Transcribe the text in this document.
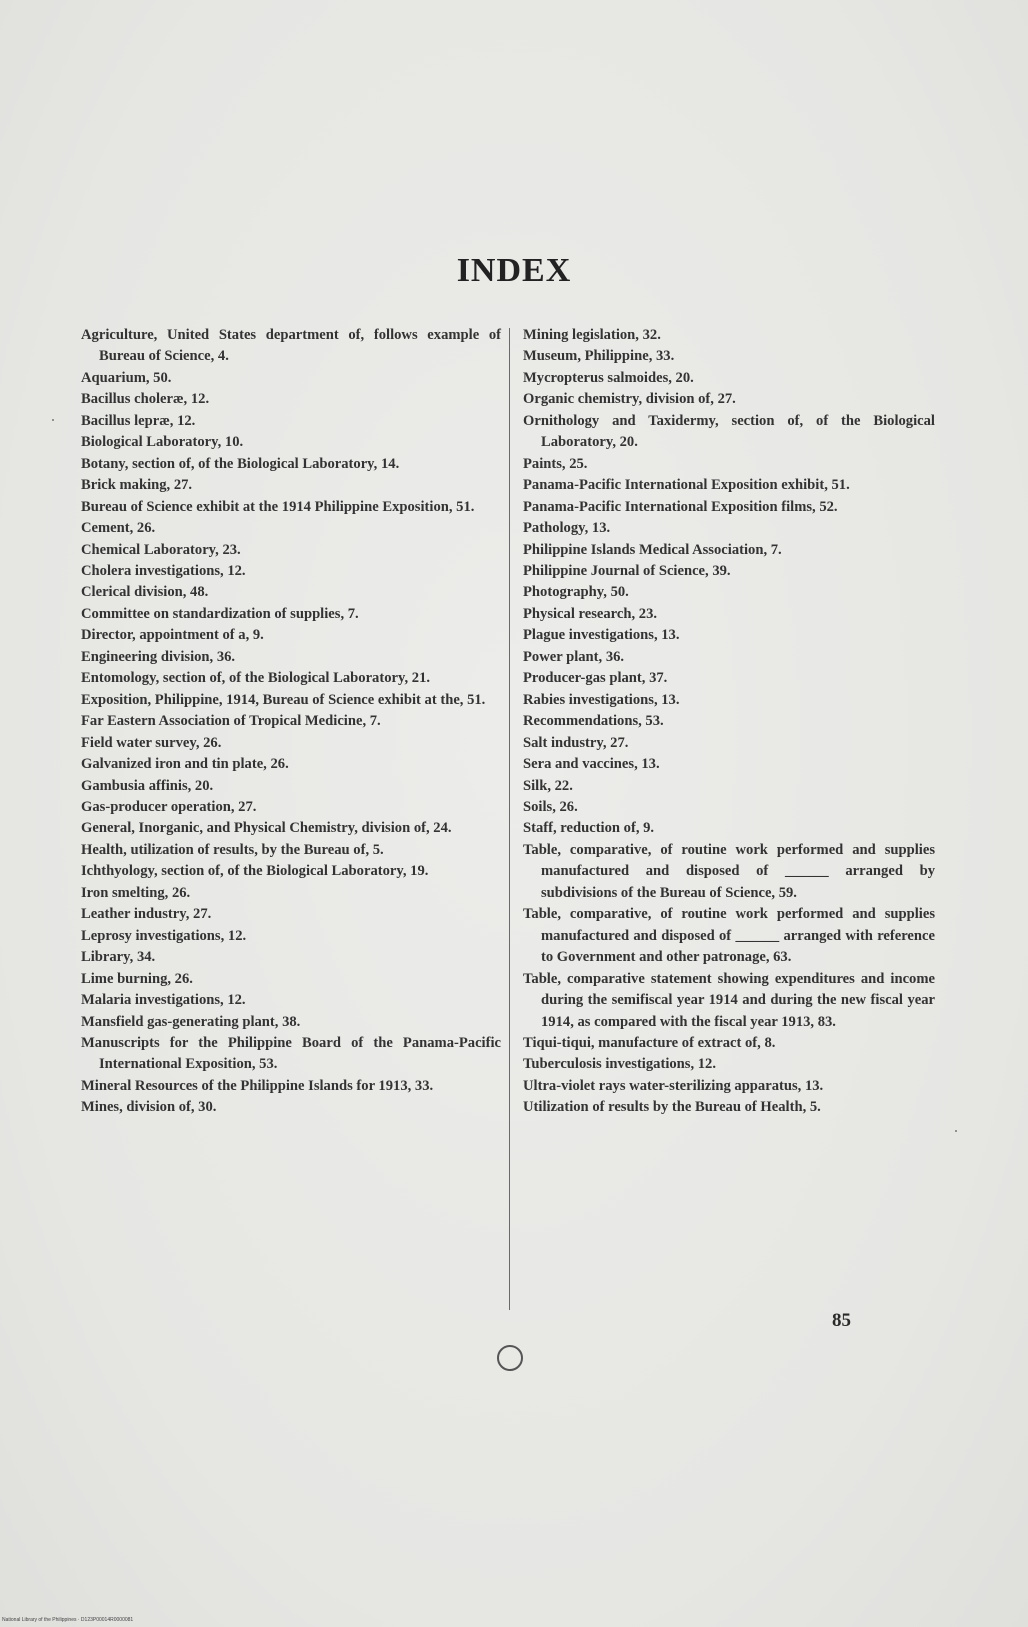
INDEX

Agriculture, United States department of, follows example of Bureau of Science, 4.

Aquarium, 50.

Bacillus choleræ, 12.

Bacillus lepræ, 12.

Biological Laboratory, 10.

Botany, section of, of the Biological Laboratory, 14.

Brick making, 27.

Bureau of Science exhibit at the 1914 Philippine Exposition, 51.

Cement, 26.

Chemical Laboratory, 23.

Cholera investigations, 12.

Clerical division, 48.

Committee on standardization of supplies, 7.

Director, appointment of a, 9.

Engineering division, 36.

Entomology, section of, of the Biological Laboratory, 21.

Exposition, Philippine, 1914, Bureau of Science exhibit at the, 51.

Far Eastern Association of Tropical Medicine, 7.

Field water survey, 26.

Galvanized iron and tin plate, 26.

Gambusia affinis, 20.

Gas-producer operation, 27.

General, Inorganic, and Physical Chemistry, division of, 24.

Health, utilization of results, by the Bureau of, 5.

Ichthyology, section of, of the Biological Laboratory, 19.

Iron smelting, 26.

Leather industry, 27.

Leprosy investigations, 12.

Library, 34.

Lime burning, 26.

Malaria investigations, 12.

Mansfield gas-generating plant, 38.

Manuscripts for the Philippine Board of the Panama-Pacific International Exposition, 53.

Mineral Resources of the Philippine Islands for 1913, 33.

Mines, division of, 30.

Mining legislation, 32.

Museum, Philippine, 33.

Mycropterus salmoides, 20.

Organic chemistry, division of, 27.

Ornithology and Taxidermy, section of, of the Biological Laboratory, 20.

Paints, 25.

Panama-Pacific International Exposition exhibit, 51.

Panama-Pacific International Exposition films, 52.

Pathology, 13.

Philippine Islands Medical Association, 7.

Philippine Journal of Science, 39.

Photography, 50.

Physical research, 23.

Plague investigations, 13.

Power plant, 36.

Producer-gas plant, 37.

Rabies investigations, 13.

Recommendations, 53.

Salt industry, 27.

Sera and vaccines, 13.

Silk, 22.

Soils, 26.

Staff, reduction of, 9.

Table, comparative, of routine work performed and supplies manufactured and disposed of ______ arranged by subdivisions of the Bureau of Science, 59.

Table, comparative, of routine work performed and supplies manufactured and disposed of ______ arranged with reference to Government and other patronage, 63.

Table, comparative statement showing expenditures and income during the semifiscal year 1914 and during the new fiscal year 1914, as compared with the fiscal year 1913, 83.

Tiqui-tiqui, manufacture of extract of, 8.

Tuberculosis investigations, 12.

Ultra-violet rays water-sterilizing apparatus, 13.

Utilization of results by the Bureau of Health, 5.

85
National Library of the Philippines · D123P00014R0000081
